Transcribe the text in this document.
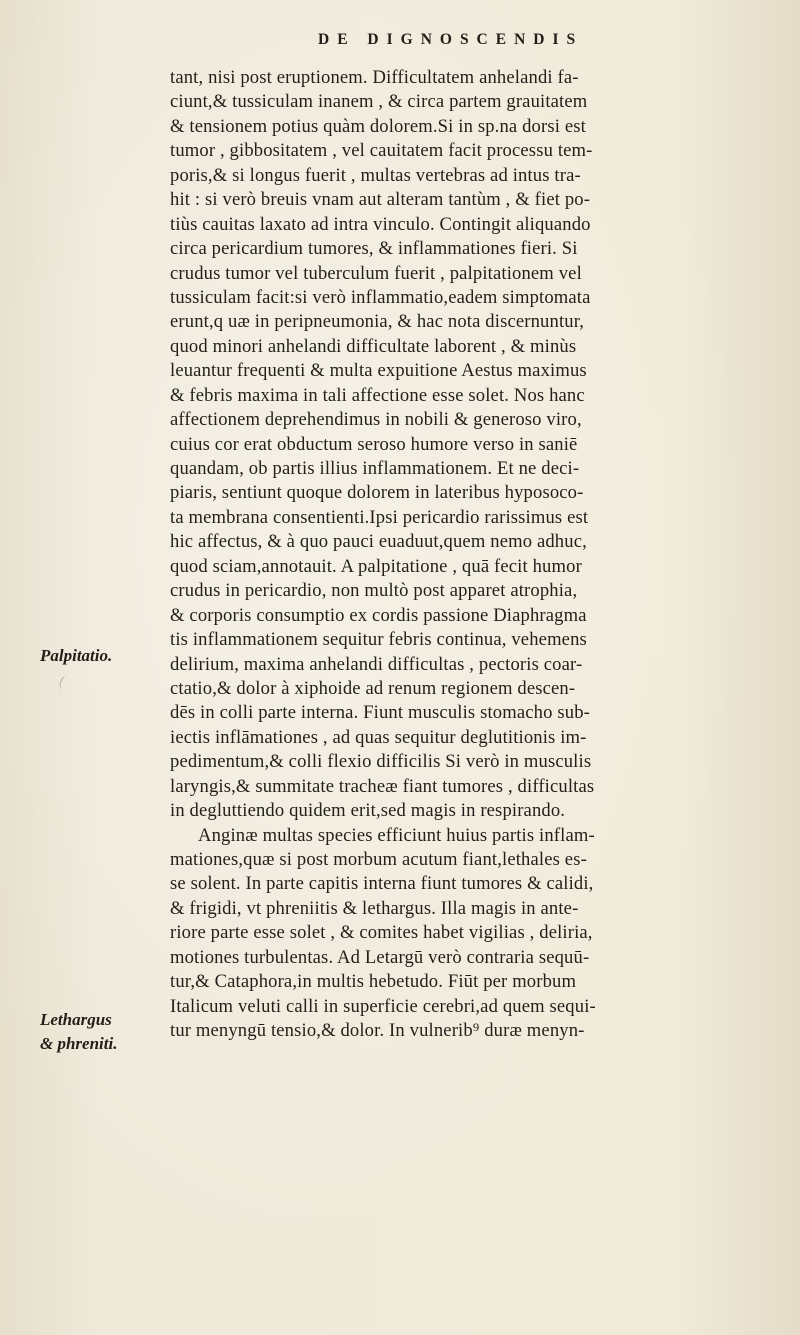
DE DIGNOSCENDIS
Palpitatio.
Lethargus
& phreniti.
tant, nisi post eruptionem. Difficultatem anhelandi fa-
ciunt,& tussiculam inanem , & circa partem grauitatem
& tensionem potius quàm dolorem.Si in sp.na dorsi est
tumor , gibbositatem , vel cauitatem facit processu tem-
poris,& si longus fuerit , multas vertebras ad intus tra-
hit : si verò breuis vnam aut alteram tantùm , & fiet po-
tiùs cauitas laxato ad intra vinculo. Contingit aliquando
circa pericardium tumores, & inflammationes fieri. Si
crudus tumor vel tuberculum fuerit , palpitationem vel
tussiculam facit:si verò inflammatio,eadem simptomata
erunt,q uæ in peripneumonia, & hac nota discernuntur,
quod minori anhelandi difficultate laborent , & minùs
leuantur frequenti & multa expuitione Aestus maximus
& febris maxima in tali affectione esse solet. Nos hanc
affectionem deprehendimus in nobili & generoso viro,
cuius cor erat obductum seroso humore verso in saniē
quandam, ob partis illius inflammationem. Et ne deci-
piaris, sentiunt quoque dolorem in lateribus hyposoco-
ta membrana consentienti.Ipsi pericardio rarissimus est
hic affectus, & à quo pauci euaduut,quem nemo adhuc,
quod sciam,annotauit. A palpitatione , quā fecit humor
crudus in pericardio, non multò post apparet atrophia,
& corporis consumptio ex cordis passione Diaphragma
tis inflammationem sequitur febris continua, vehemens
delirium, maxima anhelandi difficultas , pectoris coar-
ctatio,& dolor à xiphoide ad renum regionem descen-
dēs in colli parte interna. Fiunt musculis stomacho sub-
iectis inflāmationes , ad quas sequitur deglutitionis im-
pedimentum,& colli flexio difficilis Si verò in musculis
laryngis,& summitate tracheæ fiant tumores , difficultas
in degluttiendo quidem erit,sed magis in respirando.
Anginæ multas species efficiunt huius partis inflam-
mationes,quæ si post morbum acutum fiant,lethales es-
se solent. In parte capitis interna fiunt tumores & calidi,
& frigidi, vt phreniitis & lethargus. Illa magis in ante-
riore parte esse solet , & comites habet vigilias , deliria,
motiones turbulentas. Ad Letargū verò contraria sequū-
tur,& Cataphora,in multis hebetudo. Fiūt per morbum
Italicum veluti calli in superficie cerebri,ad quem sequi-
tur menyngū tensio,& dolor. In vulnerib⁹ duræ menyn-
